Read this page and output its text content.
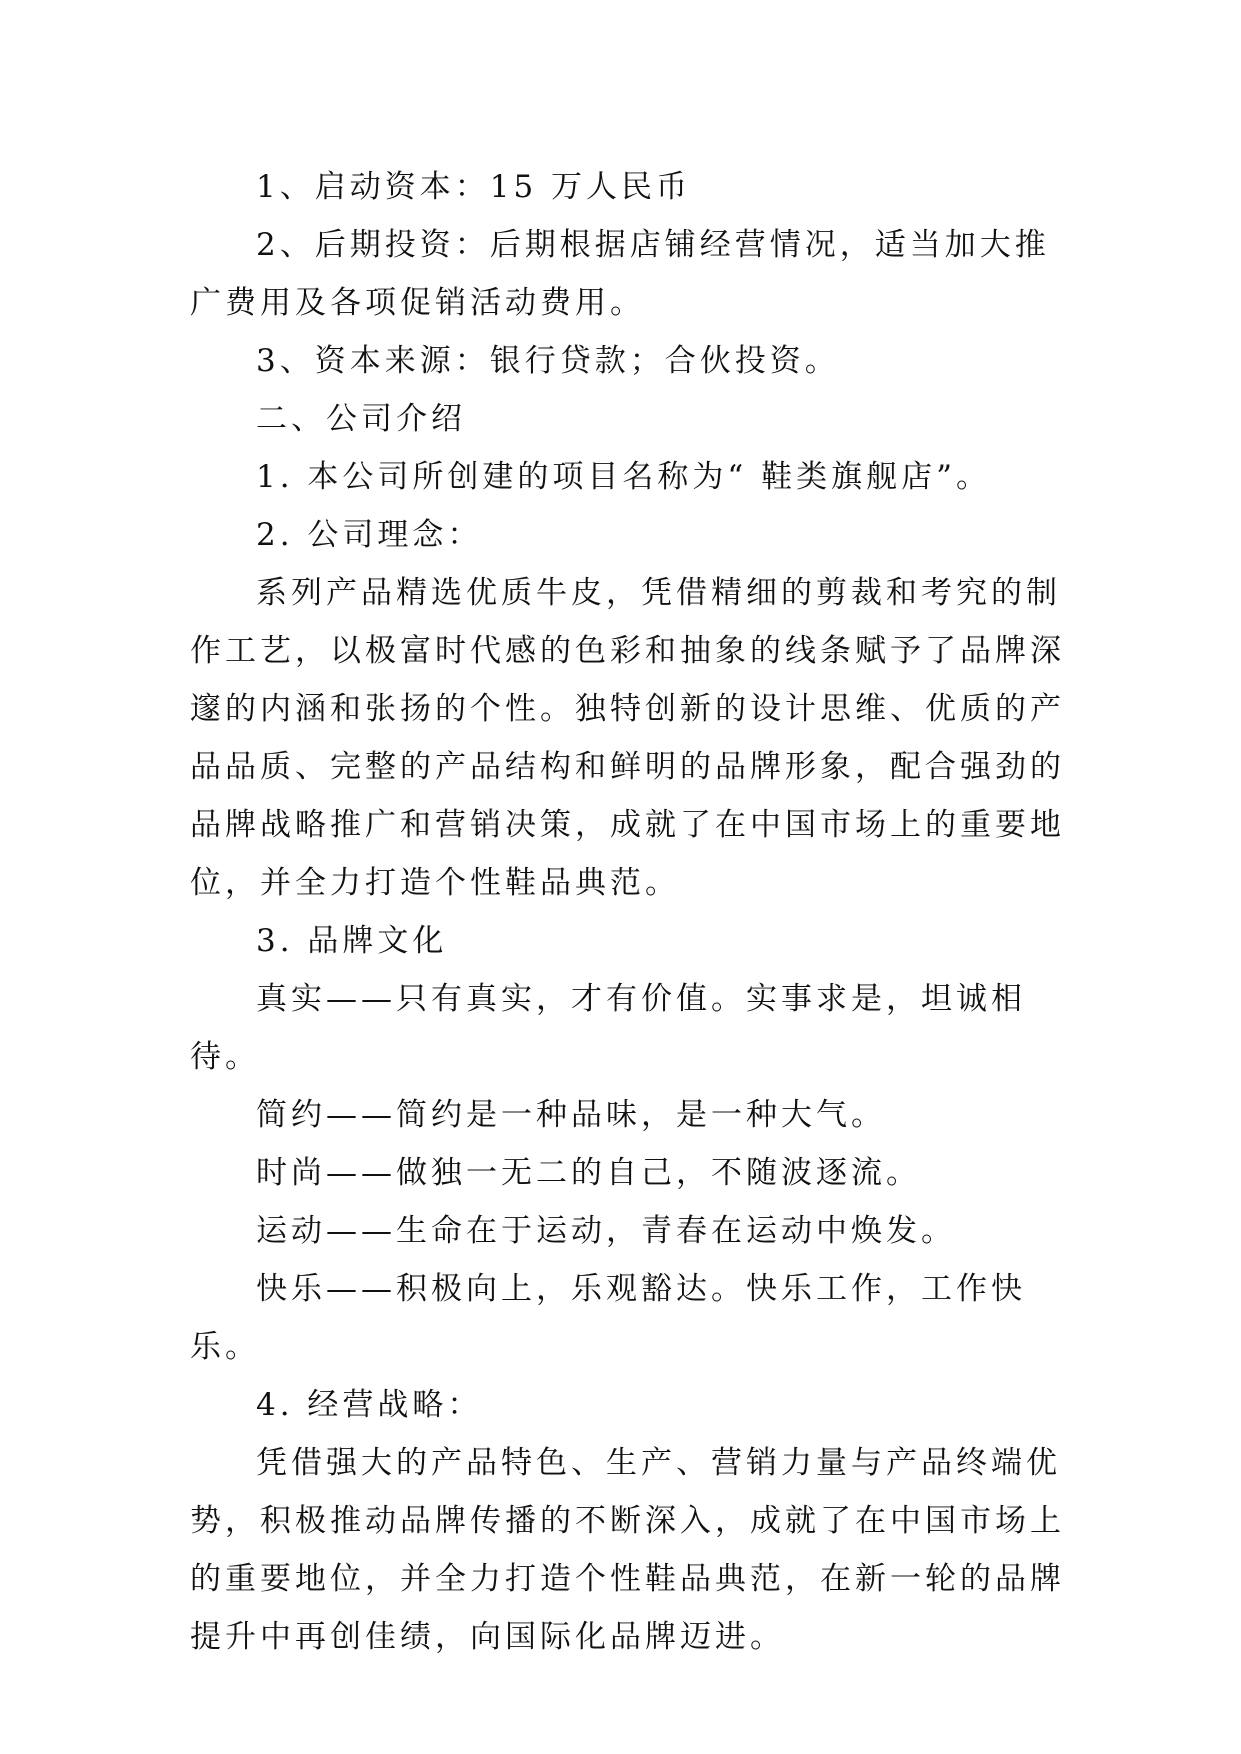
1、启动资本：15 万人民币

2、后期投资：后期根据店铺经营情况，适当加大推广费用及各项促销活动费用。

3、资本来源：银行贷款；合伙投资。

二、公司介绍

1. 本公司所创建的项目名称为“ 鞋类旗舰店”。

2. 公司理念：

系列产品精选优质牛皮，凭借精细的剪裁和考究的制作工艺，以极富时代感的色彩和抽象的线条赋予了品牌深邃的内涵和张扬的个性。独特创新的设计思维、优质的产品品质、完整的产品结构和鲜明的品牌形象，配合强劲的品牌战略推广和营销决策，成就了在中国市场上的重要地位，并全力打造个性鞋品典范。

3. 品牌文化

真实——只有真实，才有价值。实事求是，坦诚相待。

简约——简约是一种品味，是一种大气。

时尚——做独一无二的自己，不随波逐流。

运动——生命在于运动，青春在运动中焕发。

快乐——积极向上，乐观豁达。快乐工作，工作快乐。

4. 经营战略：

凭借强大的产品特色、生产、营销力量与产品终端优势，积极推动品牌传播的不断深入，成就了在中国市场上的重要地位，并全力打造个性鞋品典范，在新一轮的品牌提升中再创佳绩，向国际化品牌迈进。
